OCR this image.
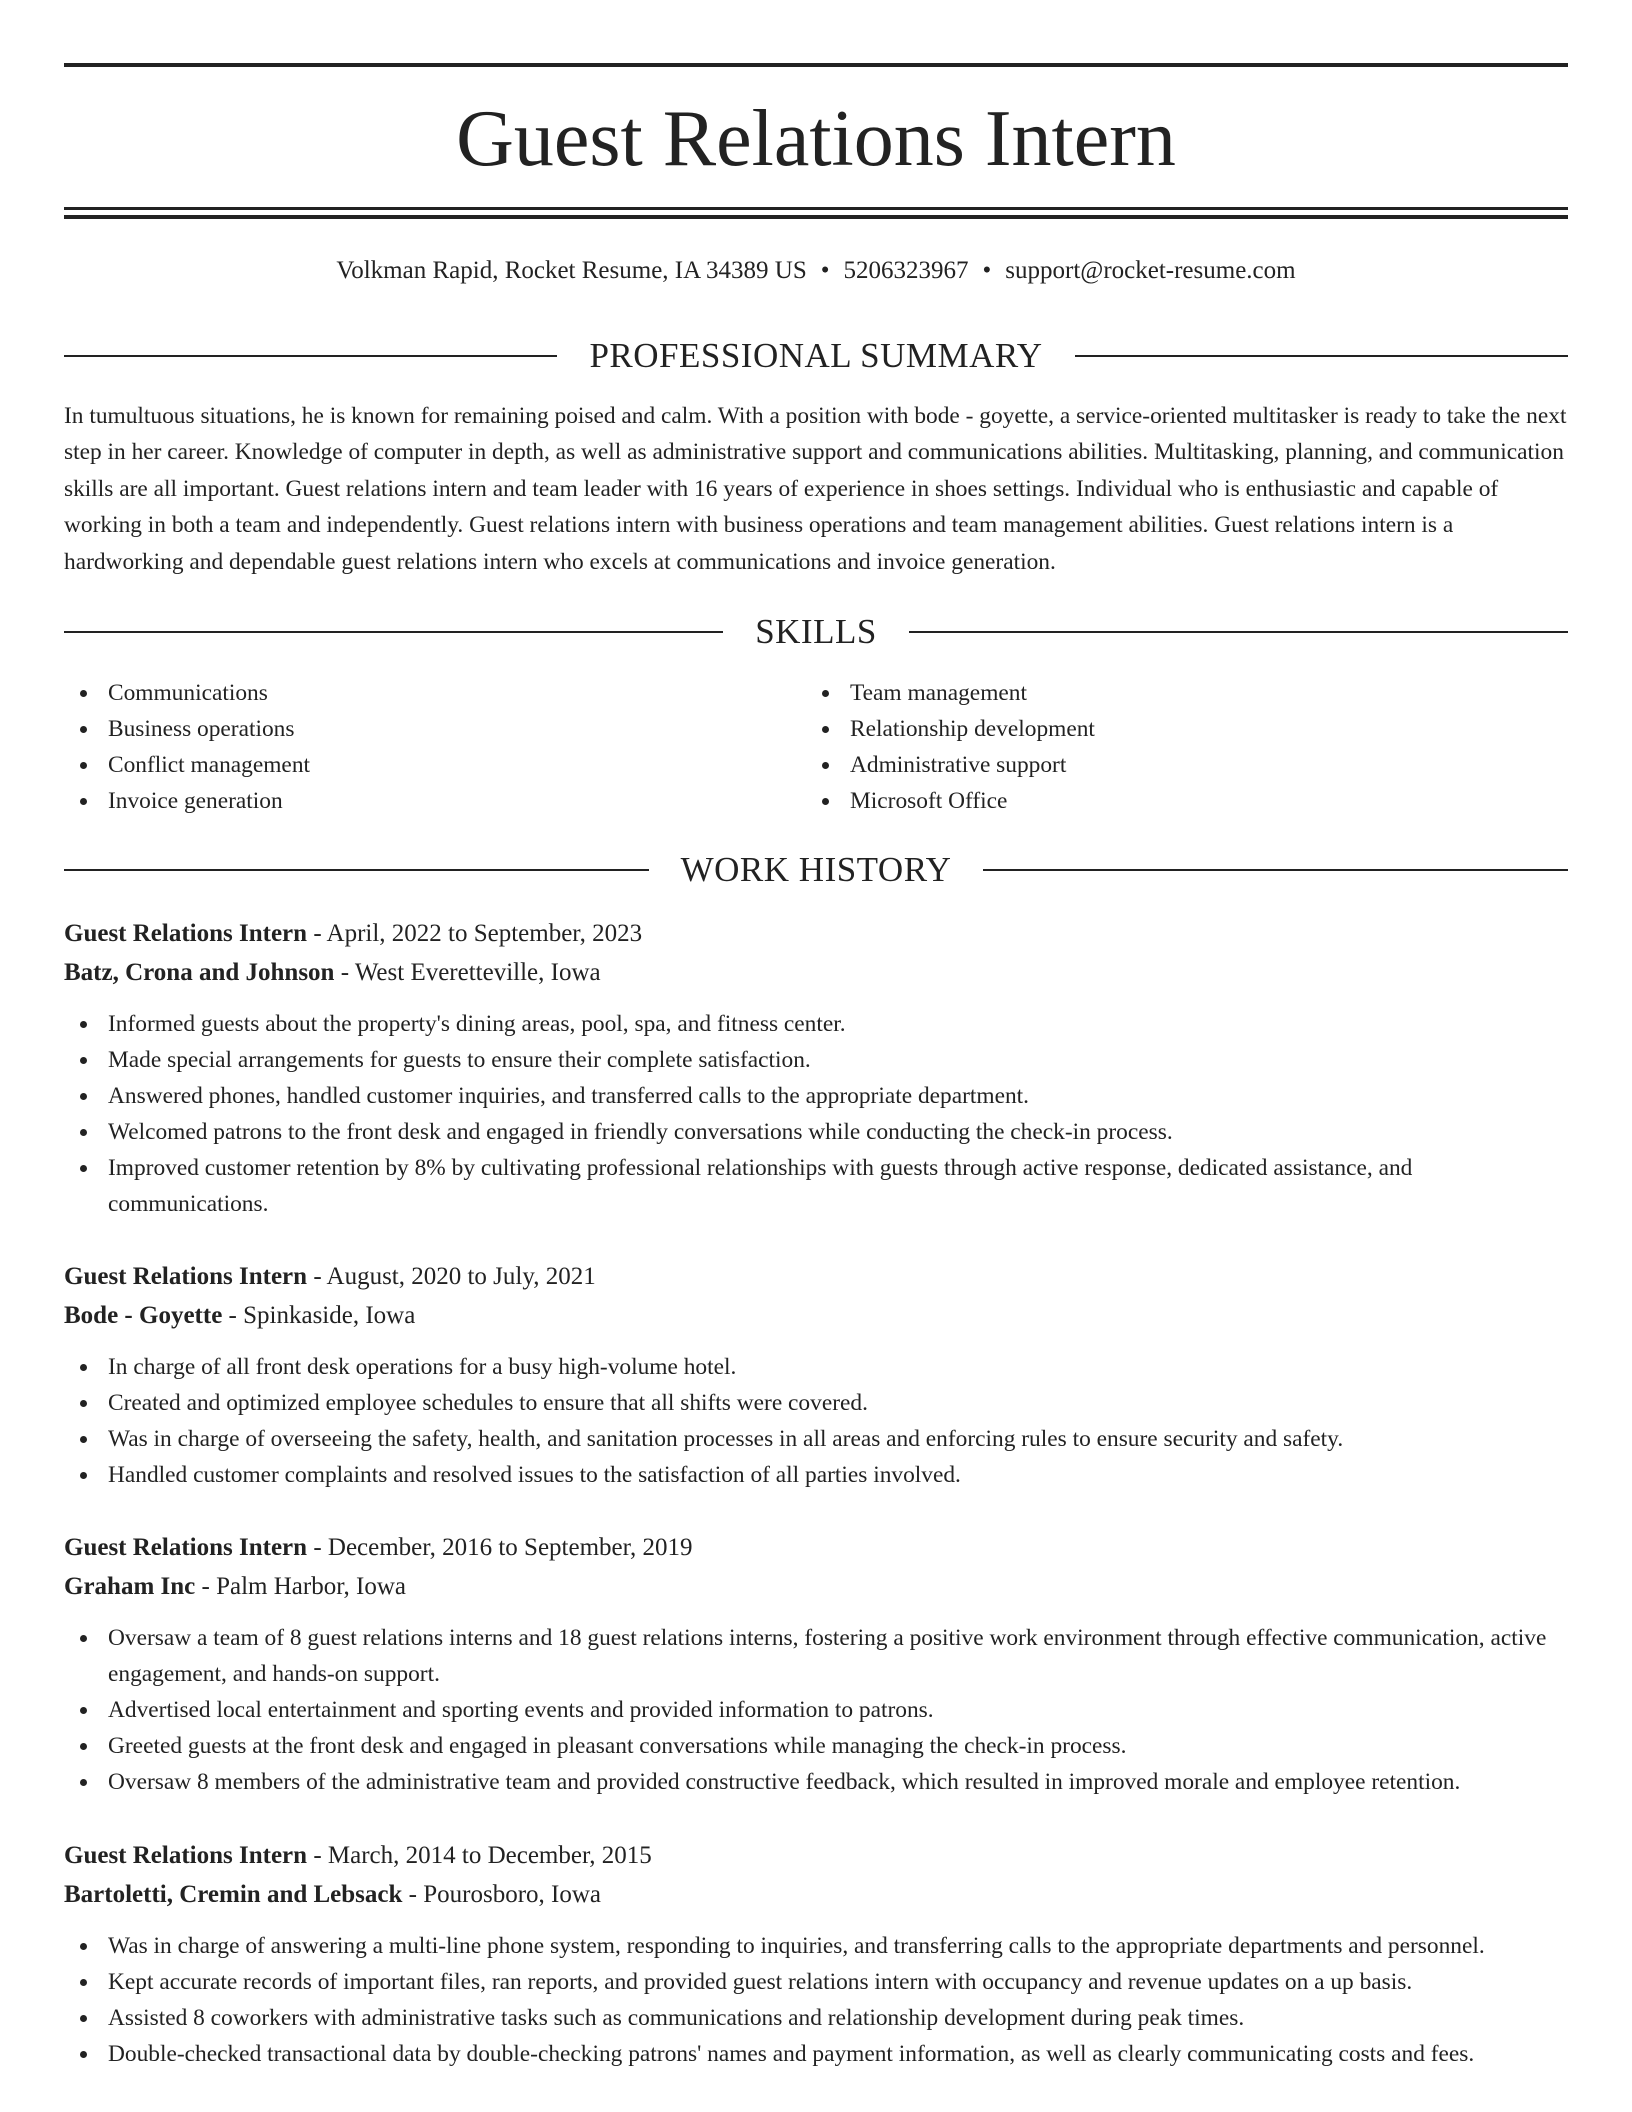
Guest Relations Intern
Volkman Rapid, Rocket Resume, IA 34389 US • 5206323967 • support@rocket-resume.com
PROFESSIONAL SUMMARY

In tumultuous situations, he is known for remaining poised and calm. With a position with bode - goyette, a service-oriented multitasker is ready to take the next step in her career. Knowledge of computer in depth, as well as administrative support and communications abilities. Multitasking, planning, and communication skills are all important. Guest relations intern and team leader with 16 years of experience in shoes settings. Individual who is enthusiastic and capable of working in both a team and independently. Guest relations intern with business operations and team management abilities. Guest relations intern is a hardworking and dependable guest relations intern who excels at communications and invoice generation.

SKILLS
Communications
Business operations
Conflict management
Invoice generation
Team management
Relationship development
Administrative support
Microsoft Office
WORK HISTORY
Guest Relations Intern - April, 2022 to September, 2023
Batz, Crona and Johnson - West Everetteville, Iowa
Informed guests about the property's dining areas, pool, spa, and fitness center.
Made special arrangements for guests to ensure their complete satisfaction.
Answered phones, handled customer inquiries, and transferred calls to the appropriate department.
Welcomed patrons to the front desk and engaged in friendly conversations while conducting the check-in process.
Improved customer retention by 8% by cultivating professional relationships with guests through active response, dedicated assistance, and communications.
Guest Relations Intern - August, 2020 to July, 2021
Bode - Goyette - Spinkaside, Iowa
In charge of all front desk operations for a busy high-volume hotel.
Created and optimized employee schedules to ensure that all shifts were covered.
Was in charge of overseeing the safety, health, and sanitation processes in all areas and enforcing rules to ensure security and safety.
Handled customer complaints and resolved issues to the satisfaction of all parties involved.
Guest Relations Intern - December, 2016 to September, 2019
Graham Inc - Palm Harbor, Iowa
Oversaw a team of 8 guest relations interns and 18 guest relations interns, fostering a positive work environment through effective communication, active engagement, and hands-on support.
Advertised local entertainment and sporting events and provided information to patrons.
Greeted guests at the front desk and engaged in pleasant conversations while managing the check-in process.
Oversaw 8 members of the administrative team and provided constructive feedback, which resulted in improved morale and employee retention.
Guest Relations Intern - March, 2014 to December, 2015
Bartoletti, Cremin and Lebsack - Pourosboro, Iowa
Was in charge of answering a multi-line phone system, responding to inquiries, and transferring calls to the appropriate departments and personnel.
Kept accurate records of important files, ran reports, and provided guest relations intern with occupancy and revenue updates on a up basis.
Assisted 8 coworkers with administrative tasks such as communications and relationship development during peak times.
Double-checked transactional data by double-checking patrons' names and payment information, as well as clearly communicating costs and fees.
